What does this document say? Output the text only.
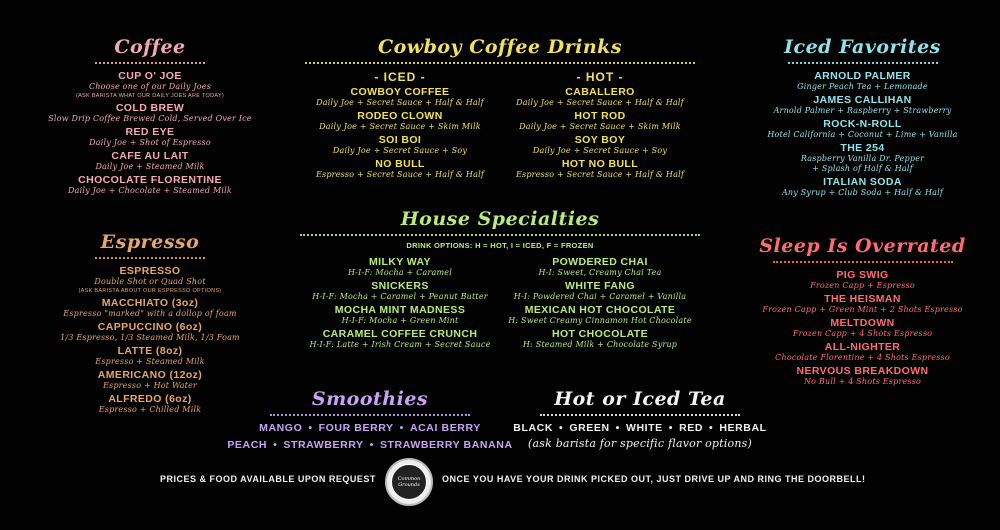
Coffee
CUP O' JOE
Choose one of our Daily Joes
(ASK BARISTA WHAT OUR DAILY JOES ARE TODAY)
COLD BREW
Slow Drip Coffee Brewed Cold, Served Over Ice
RED EYE
Daily Joe + Shot of Espresso
CAFE AU LAIT
Daily Joe + Steamed Milk
CHOCOLATE FLORENTINE
Daily Joe + Chocolate + Steamed Milk
Espresso
ESPRESSO
Double Shot or Quad Shot
(ASK BARISTA ABOUT OUR ESPRESSO OPTIONS)
MACCHIATO (3oz)
Espresso "marked" with a dollop of foam
CAPPUCCINO (6oz)
1/3 Espresso, 1/3 Steamed Milk, 1/3 Foam
LATTE (8oz)
Espresso + Steamed Milk
AMERICANO (12oz)
Espresso + Hot Water
ALFREDO (6oz)
Espresso + Chilled Milk
Cowboy Coffee Drinks
- ICED -
COWBOY COFFEE
Daily Joe + Secret Sauce + Half & Half
RODEO CLOWN
Daily Joe + Secret Sauce + Skim Milk
SOI BOI
Daily Joe + Secret Sauce + Soy
NO BULL
Espresso + Secret Sauce + Half & Half
- HOT -
CABALLERO
Daily Joe + Secret Sauce + Half & Half
HOT ROD
Daily Joe + Secret Sauce + Skim Milk
SOY BOY
Daily Joe + Secret Sauce + Soy
HOT NO BULL
Espresso + Secret Sauce + Half & Half
House Specialties
DRINK OPTIONS: H = HOT, I = ICED, F = FROZEN
MILKY WAY
H-I-F: Mocha + Caramel
SNICKERS
H-I-F: Mocha + Caramel + Peanut Butter
MOCHA MINT MADNESS
H-I-F: Mocha + Green Mint
CARAMEL COFFEE CRUNCH
H-I-F: Latte + Irish Cream + Secret Sauce
POWDERED CHAI
H-I: Sweet, Creamy Chai Tea
WHITE FANG
H-I: Powdered Chai + Caramel + Vanilla
MEXICAN HOT CHOCOLATE
H: Sweet Creamy Cinnamon Hot Chocolate
HOT CHOCOLATE
H: Steamed Milk + Chocolate Syrup
Smoothies
MANGO • FOUR BERRY • ACAI BERRY
PEACH • STRAWBERRY • STRAWBERRY BANANA
Hot or Iced Tea
BLACK • GREEN • WHITE • RED • HERBAL
(ask barista for specific flavor options)
Iced Favorites
ARNOLD PALMER
Ginger Peach Tea + Lemonade
JAMES CALLIHAN
Arnold Palmer + Raspberry + Strawberry
ROCK-N-ROLL
Hotel California + Coconut + Lime + Vanilla
THE 254
Raspberry Vanilla Dr. Pepper
+ Splash of Half & Half
ITALIAN SODA
Any Syrup + Club Soda + Half & Half
Sleep Is Overrated
PIG SWIG
Frozen Capp + Espresso
THE HEISMAN
Frozen Capp + Green Mint + 2 Shots Espresso
MELTDOWN
Frozen Capp + 4 Shots Espresso
ALL-NIGHTER
Chocolate Florentine + 4 Shots Espresso
NERVOUS BREAKDOWN
No Bull + 4 Shots Espresso
PRICES & FOOD AVAILABLE UPON REQUEST	Common Grounds
ONCE YOU HAVE YOUR DRINK PICKED OUT, JUST DRIVE UP AND RING THE DOORBELL!
